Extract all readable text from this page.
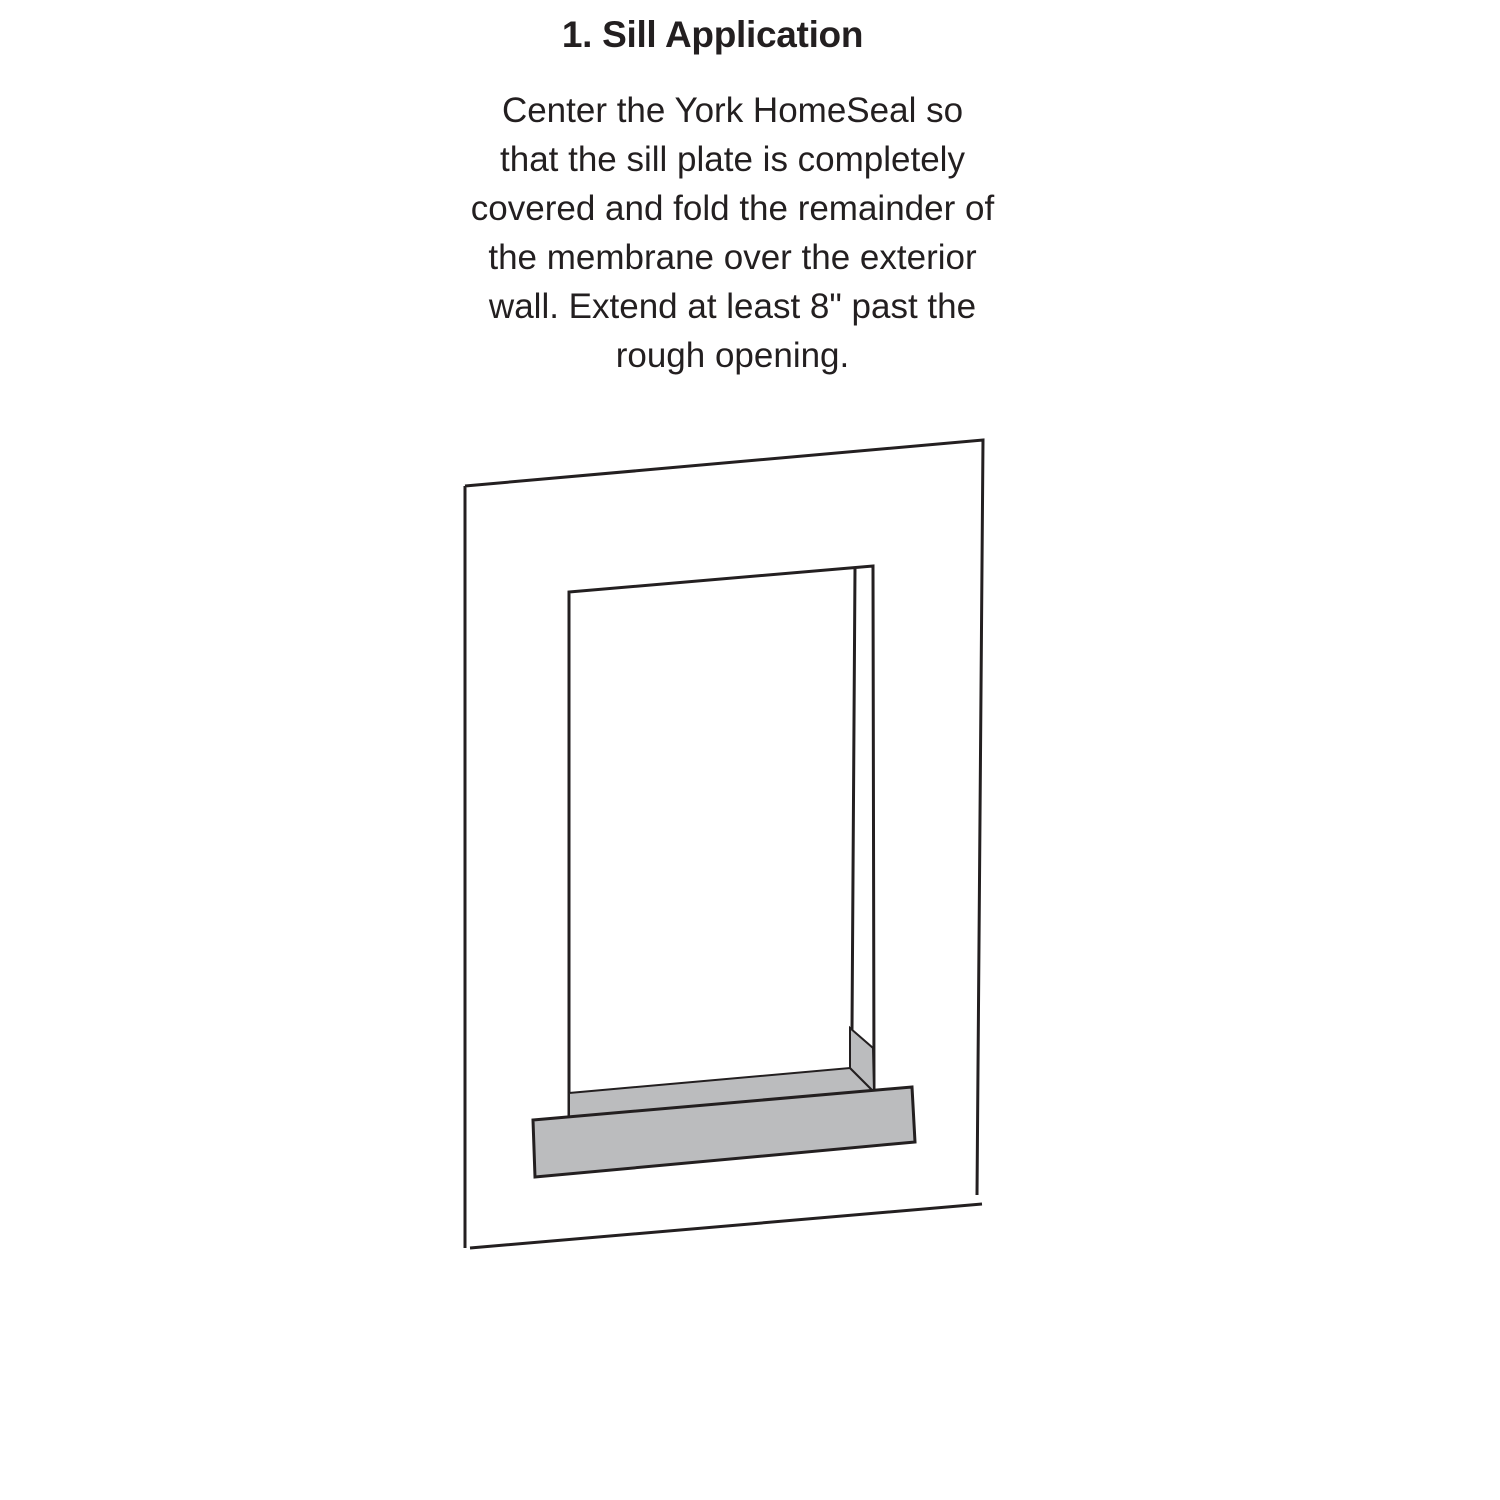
1. Sill Application
Center the York HomeSeal so
that the sill plate is completely
covered and fold the remainder of
the membrane over the exterior
wall. Extend at least 8" past the
rough opening.
